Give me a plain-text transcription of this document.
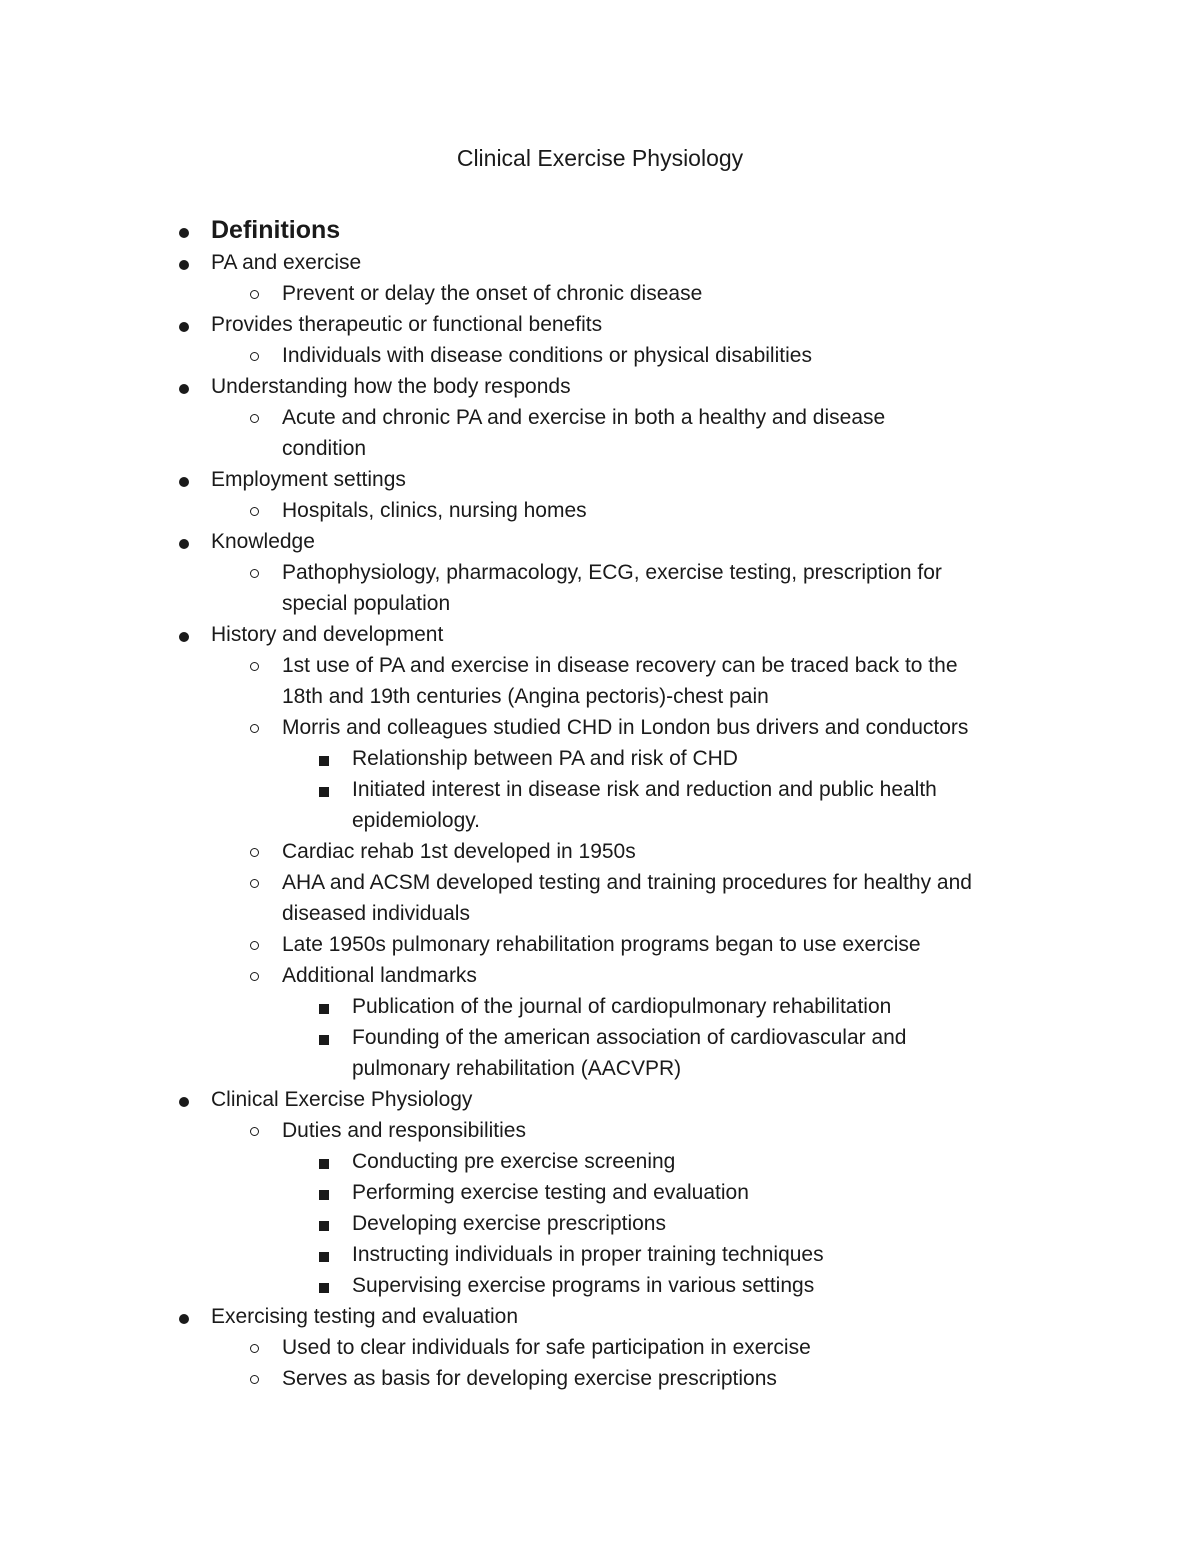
Clinical Exercise Physiology
Definitions
PA and exercise
Prevent or delay the onset of chronic disease
Provides therapeutic or functional benefits
Individuals with disease conditions or physical disabilities
Understanding how the body responds
Acute and chronic PA and exercise in both a healthy and disease
condition
Employment settings
Hospitals, clinics, nursing homes
Knowledge
Pathophysiology, pharmacology, ECG, exercise testing, prescription for
special population
History and development
1st use of PA and exercise in disease recovery can be traced back to the
18th and 19th centuries (Angina pectoris)-chest pain
Morris and colleagues studied CHD in London bus drivers and conductors
Relationship between PA and risk of CHD
Initiated interest in disease risk and reduction and public health
epidemiology.
Cardiac rehab 1st developed in 1950s
AHA and ACSM developed testing and training procedures for healthy and
diseased individuals
Late 1950s pulmonary rehabilitation programs began to use exercise
Additional landmarks
Publication of the journal of cardiopulmonary rehabilitation
Founding of the american association of cardiovascular and
pulmonary rehabilitation (AACVPR)
Clinical Exercise Physiology
Duties and responsibilities
Conducting pre exercise screening
Performing exercise testing and evaluation
Developing exercise prescriptions
Instructing individuals in proper training techniques
Supervising exercise programs in various settings
Exercising testing and evaluation
Used to clear individuals for safe participation in exercise
Serves as basis for developing exercise prescriptions
